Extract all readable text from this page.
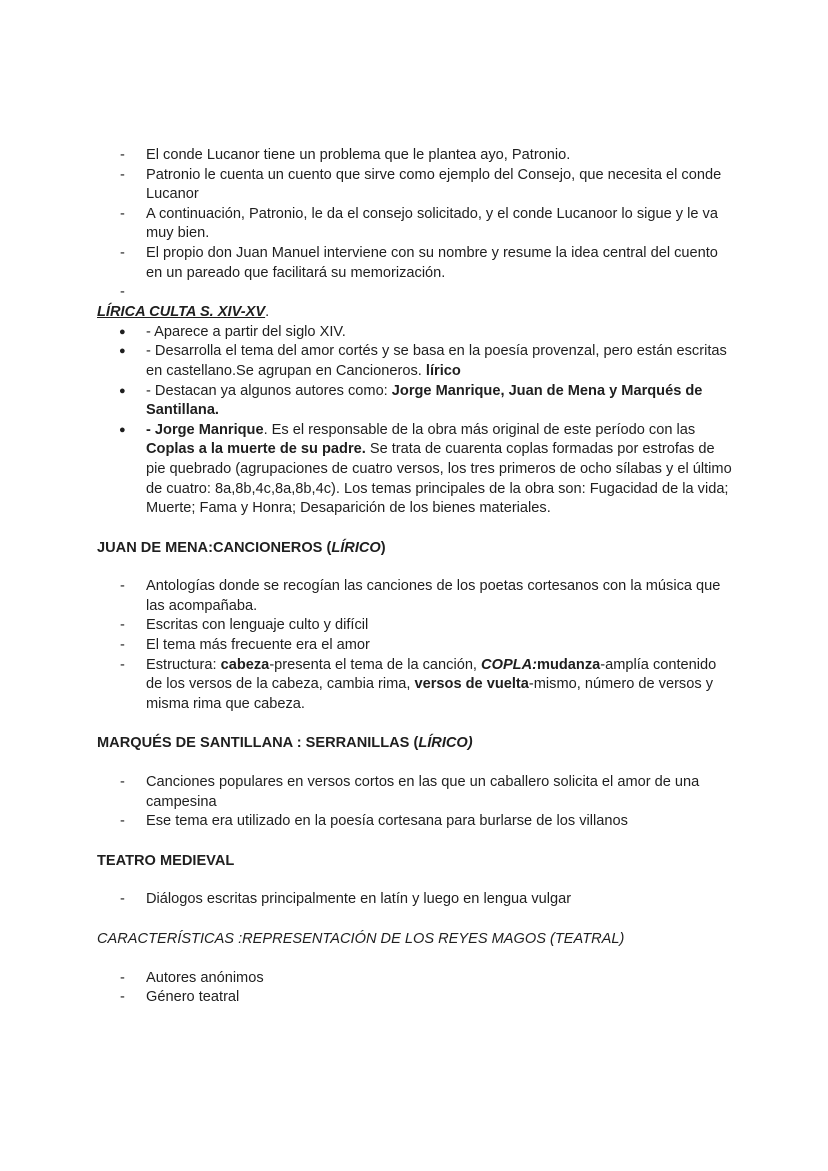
- El conde Lucanor tiene un problema que le plantea ayo, Patronio.
- Patronio le cuenta un cuento que sirve como ejemplo del Consejo, que necesita el conde Lucanor
- A continuación, Patronio, le da el consejo solicitado, y el conde Lucanoor lo sigue y le va muy bien.
- El propio don Juan Manuel interviene con su nombre y resume la idea central del cuento en un pareado que facilitará su memorización.
-
LÍRICA CULTA S. XIV-XV.
● - Aparece a partir del siglo XIV.
● - Desarrolla el tema del amor cortés y se basa en la poesía provenzal, pero están escritas en castellano.Se agrupan en Cancioneros. lírico
● - Destacan ya algunos autores como: Jorge Manrique, Juan de Mena y Marqués de Santillana.
● - Jorge Manrique. Es el responsable de la obra más original de este período con las Coplas a la muerte de su padre. Se trata de cuarenta coplas formadas por estrofas de pie quebrado (agrupaciones de cuatro versos, los tres primeros de ocho sílabas y el último de cuatro: 8a,8b,4c,8a,8b,4c). Los temas principales de la obra son: Fugacidad de la vida; Muerte; Fama y Honra; Desaparición de los bienes materiales.
JUAN DE MENA:CANCIONEROS (LÍRICO)
- Antologías donde se recogían las canciones de los poetas cortesanos con la música que las acompañaba.
- Escritas con lenguaje culto y difícil
- El tema más frecuente era el amor
- Estructura: cabeza-presenta el tema de la canción, COPLA:mudanza-amplía contenido de los versos de la cabeza, cambia rima, versos de vuelta-mismo, número de versos y misma rima que cabeza.
MARQUÉS DE SANTILLANA : SERRANILLAS (LÍRICO)
- Canciones populares en versos cortos en las que un caballero solicita el amor de una campesina
- Ese tema era utilizado en la poesía cortesana para burlarse de los villanos
TEATRO MEDIEVAL
- Diálogos escritas principalmente en latín y luego en lengua vulgar
CARACTERÍSTICAS :REPRESENTACIÓN DE LOS REYES MAGOS (TEATRAL)
- Autores anónimos
- Género teatral
